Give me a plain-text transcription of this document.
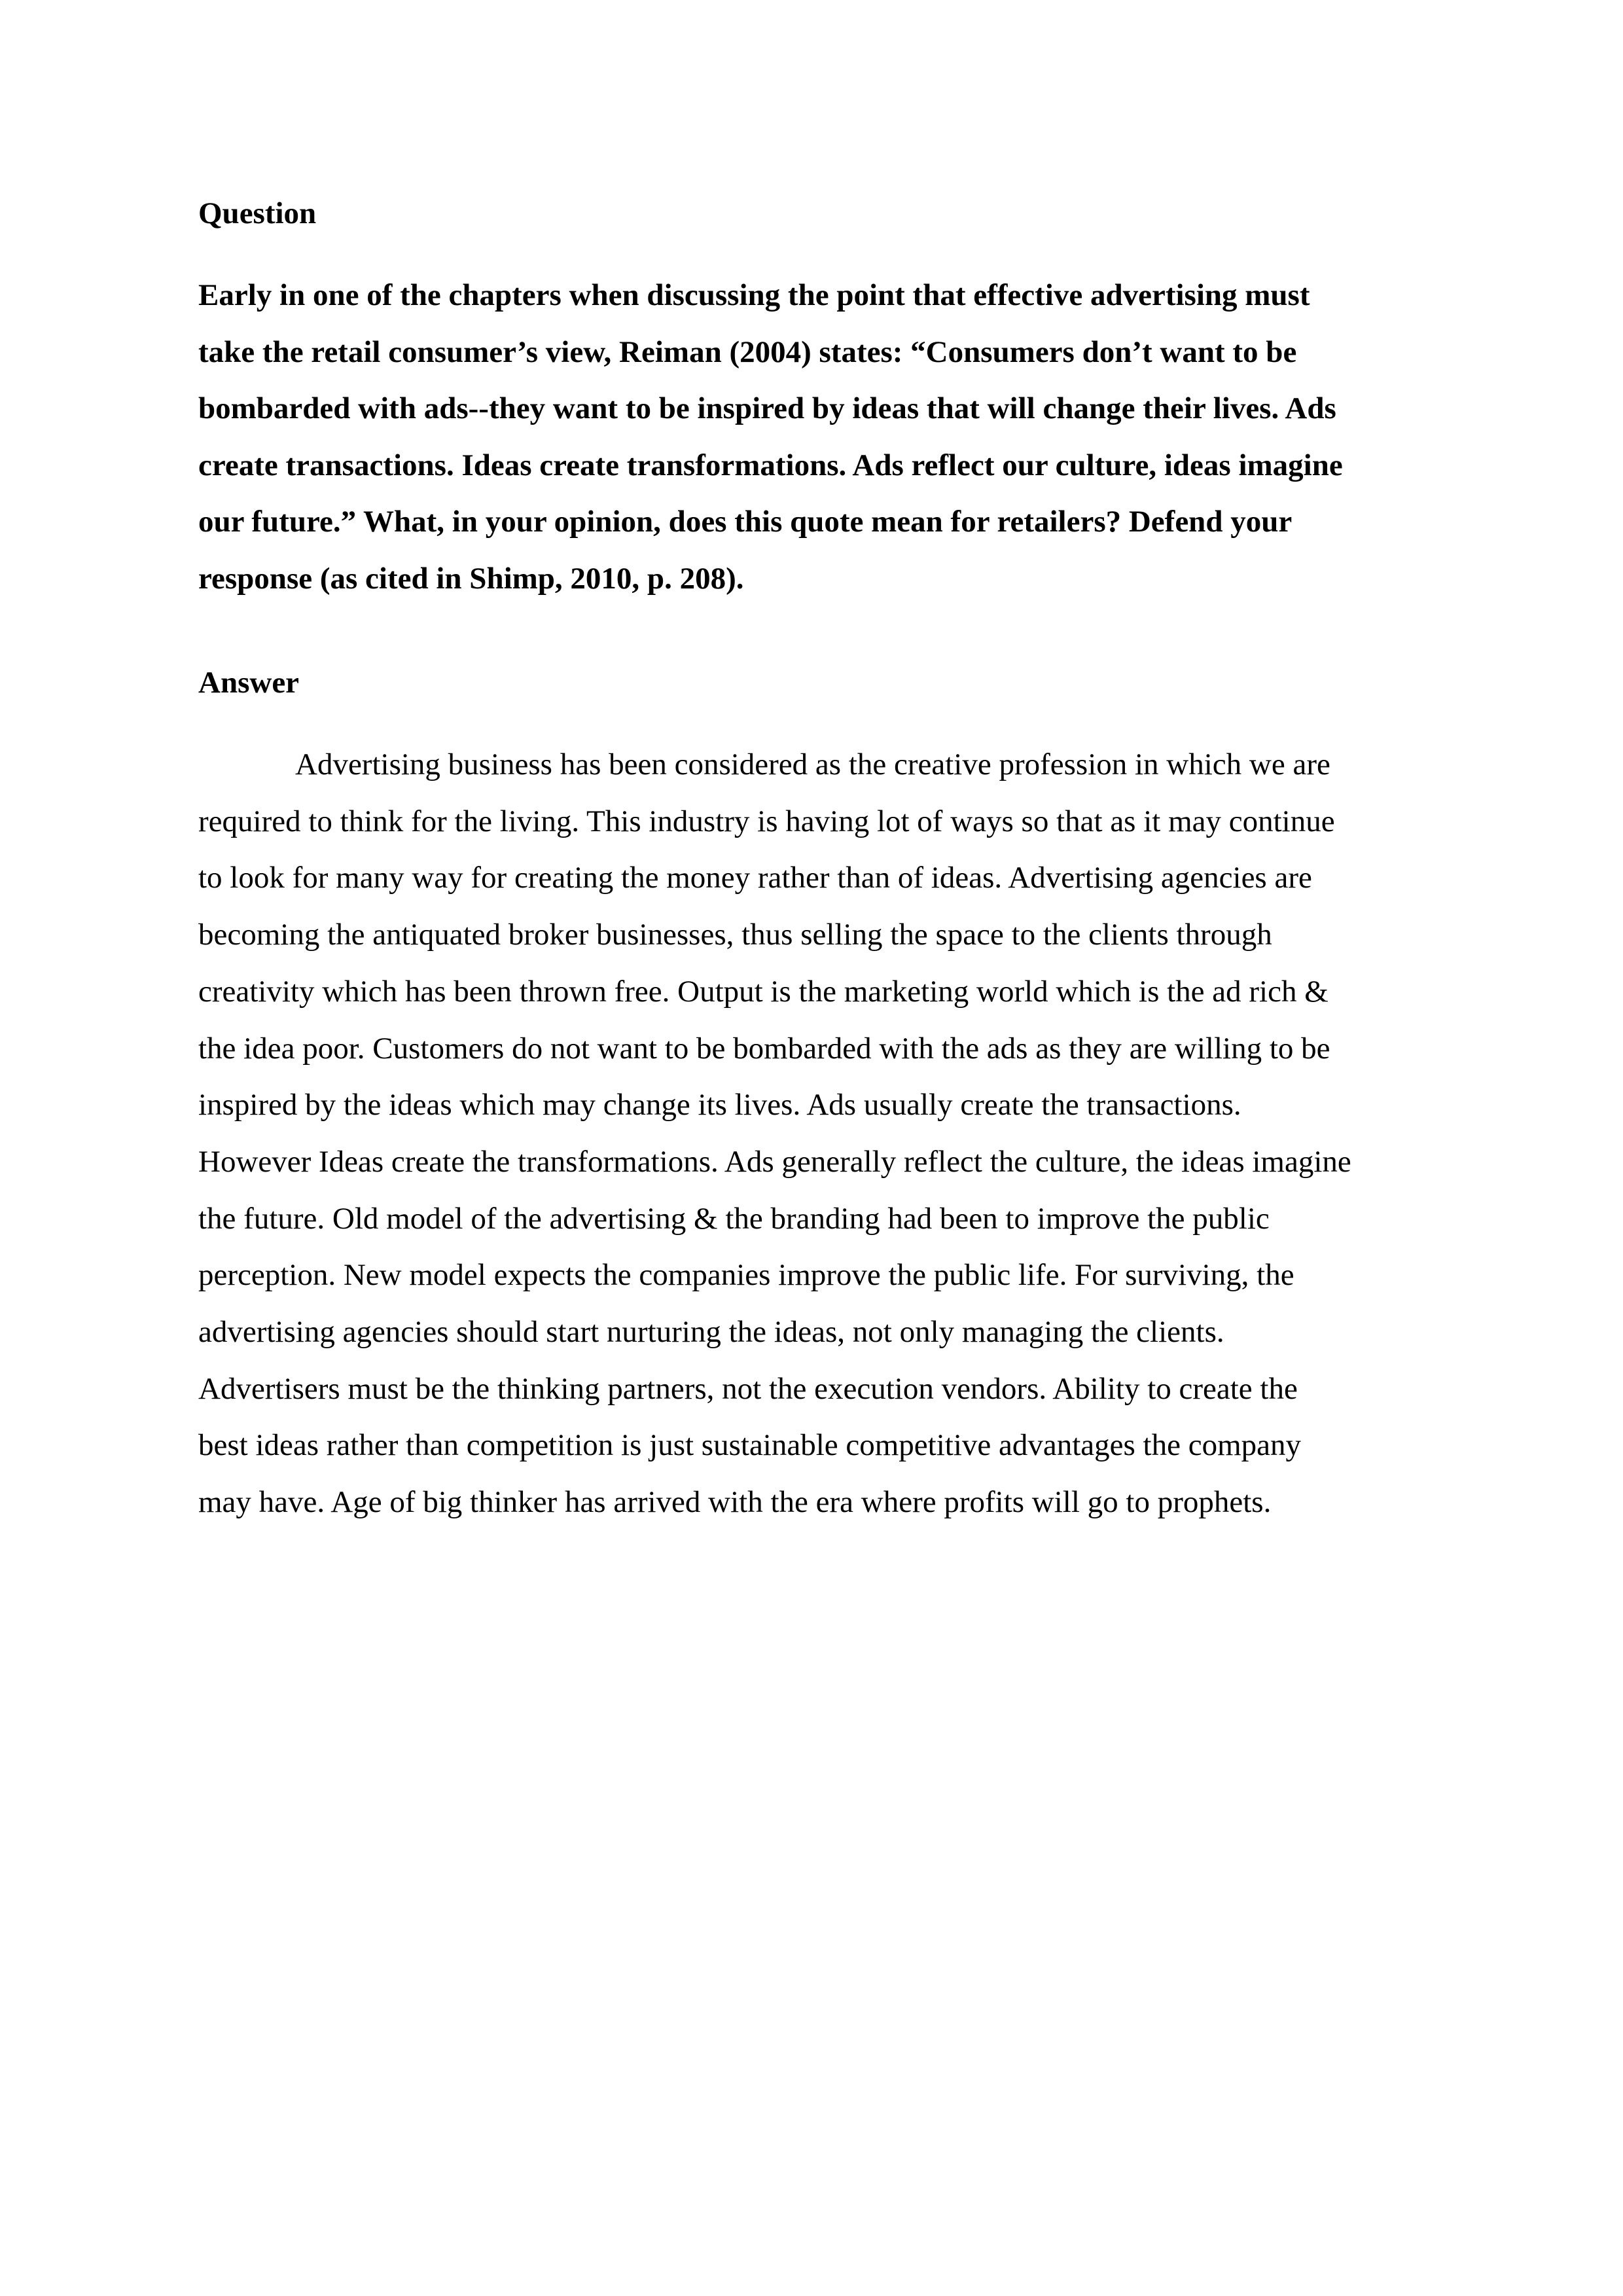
Question
Early in one of the chapters when discussing the point that effective advertising must
take the retail consumer’s view, Reiman (2004) states: “Consumers don’t want to be
bombarded with ads--they want to be inspired by ideas that will change their lives. Ads
create transactions. Ideas create transformations. Ads reflect our culture, ideas imagine
our future.” What, in your opinion, does this quote mean for retailers? Defend your
response (as cited in Shimp, 2010, p. 208).
Answer
Advertising business has been considered as the creative profession in which we are
required to think for the living. This industry is having lot of ways so that as it may continue
to look for many way for creating the money rather than of ideas. Advertising agencies are
becoming the antiquated broker businesses, thus selling the space to the clients through
creativity which has been thrown free. Output is the marketing world which is the ad rich &
the idea poor. Customers do not want to be bombarded with the ads as they are willing to be
inspired by the ideas which may change its lives. Ads usually create the transactions.
However Ideas create the transformations. Ads generally reflect the culture, the ideas imagine
the future. Old model of the advertising & the branding had been to improve the public
perception. New model expects the companies improve the public life. For surviving, the
advertising agencies should start nurturing the ideas, not only managing the clients.
Advertisers must be the thinking partners, not the execution vendors. Ability to create the
best ideas rather than competition is just sustainable competitive advantages the company
may have. Age of big thinker has arrived with the era where profits will go to prophets.
